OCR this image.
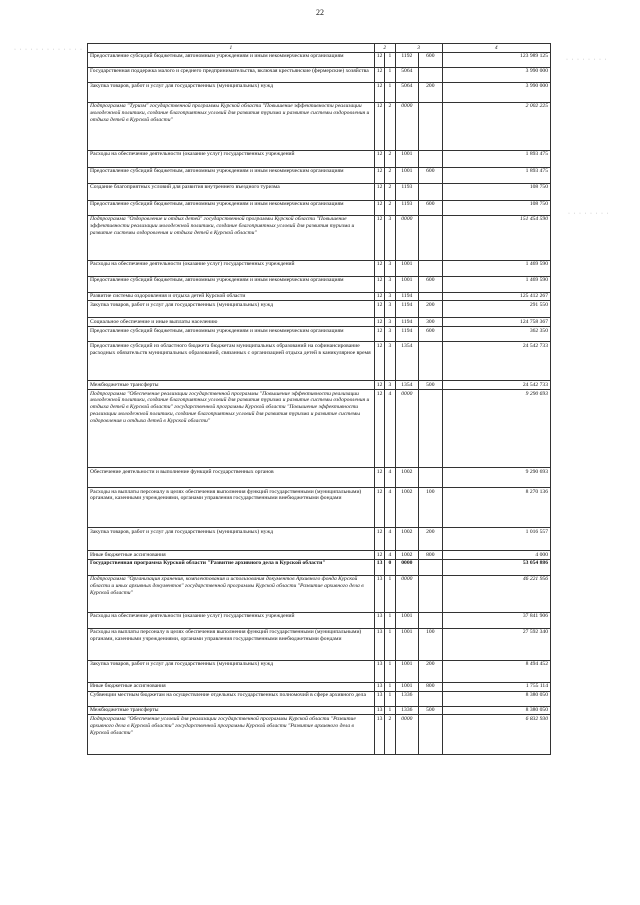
22
· · · · · · · · · · · · ·
· · · · · · · ·
· · · · · · · ·
1	2		3		4
Предоставление субсидий бюджетным, автономным учреждениям и иным некоммерческим организациям	12	1	1192	600	123 989 125
Государственная поддержка малого и среднего предпринимательства, включая крестьянские (фермерские) хозяйства	12	1	5064		3 990 000
Закупка товаров, работ и услуг для государственных (муниципальных) нужд	12	1	5064	200	3 990 000
Подпрограмма "Туризм" государственной программы Курской области "Повышение эффективности реализации молодежной политики, создание благоприятных условий для развития туризма и развитие системы оздоровления и отдыха детей в Курской области"	12	2	0000		2 002 225
Расходы на обеспечение деятельности (оказание услуг) государственных учреждений	12	2	1001		1 893 475
Предоставление субсидий бюджетным, автономным учреждениям и иным некоммерческим организациям	12	2	1001	600	1 893 475
Создание благоприятных условий для развития внутреннего въездного туризма	12	2	1193		108 750
Предоставление субсидий бюджетным, автономным учреждениям и иным некоммерческим организациям	12	2	1193	600	108 750
Подпрограмма "Оздоровление и отдых детей" государственной программы Курской области "Повышение эффективности реализации молодежной политики, создание благоприятных условий для развития туризма и развитие системы оздоровления и отдыха детей в Курской области"	12	3	0000		151 454 590
Расходы на обеспечение деятельности (оказание услуг) государственных учреждений	12	3	1001		1 469 590
Предоставление субсидий бюджетным, автономным учреждениям и иным некоммерческим организациям	12	3	1001	600	1 469 590
Развитие системы оздоровления и отдыха детей Курской области	12	3	1194		125 412 267
Закупка товаров, работ и услуг для государственных (муниципальных) нужд	12	3	1194	200	291 550
Социальное обеспечение и иные выплаты населению	12	3	1194	300	124 758 367
Предоставление субсидий бюджетным, автономным учреждениям и иным некоммерческим организациям	12	3	1194	600	362 350
Предоставление субсидий из областного бюджета бюджетам муниципальных образований на софинансирование расходных обязательств муниципальных образований, связанных с организацией отдыха детей в каникулярное время	12	3	1354		24 542 733
Межбюджетные трансферты	12	3	1354	500	24 542 733
Подпрограмма "Обеспечение реализации государственной программы "Повышение эффективности реализации молодежной политики, создание благоприятных условий для развития туризма и развитие системы оздоровления и отдыха детей в Курской области" государственной программы Курской области "Повышение эффективности реализации молодежной политики, создание благоприятных условий для развития туризма и развитие системы оздоровления и отдыха детей в Курской области"	12	4	0000		9 290 693
Обеспечение деятельности и выполнение функций государственных органов	12	4	1002		9 290 693
Расходы на выплаты персоналу в целях обеспечения выполнения функций государственными (муниципальными) органами, казенными учреждениями, органами управления государственными внебюджетными фондами	12	4	1002	100	8 270 136
Закупка товаров, работ и услуг для государственных (муниципальных) нужд	12	4	1002	200	1 016 557
Иные бюджетные ассигнования	12	4	1002	800	4 000
Государственная программа Курской области "Развитие архивного дела в Курской области"	13	0	0000		53 054 886
Подпрограмма "Организация хранения, комплектования и использования документов Архивного фонда Курской области и иных архивных документов" государственной программы Курской области "Развитие архивного дела в Курской области"	13	1	0000		46 221 956
Расходы на обеспечение деятельности (оказание услуг) государственных учреждений	13	1	1001		37 841 906
Расходы на выплаты персоналу в целях обеспечения выполнения функций государственными (муниципальными) органами, казенными учреждениями, органами управления государственными внебюджетными фондами	13	1	1001	100	27 592 340
Закупка товаров, работ и услуг для государственных (муниципальных) нужд	13	1	1001	200	8 494 452
Иные бюджетные ассигнования	13	1	1001	800	1 755 114
Субвенции местным бюджетам на осуществление отдельных государственных полномочий в сфере архивного дела	13	1	1336		8 380 050
Межбюджетные трансферты	13	1	1336	500	8 380 050
Подпрограмма "Обеспечение условий для реализации государственной программы Курской области "Развитие архивного дела в Курской области" государственной программы Курской области "Развитие архивного дела в Курской области"	13	2	0000		6 832 930
